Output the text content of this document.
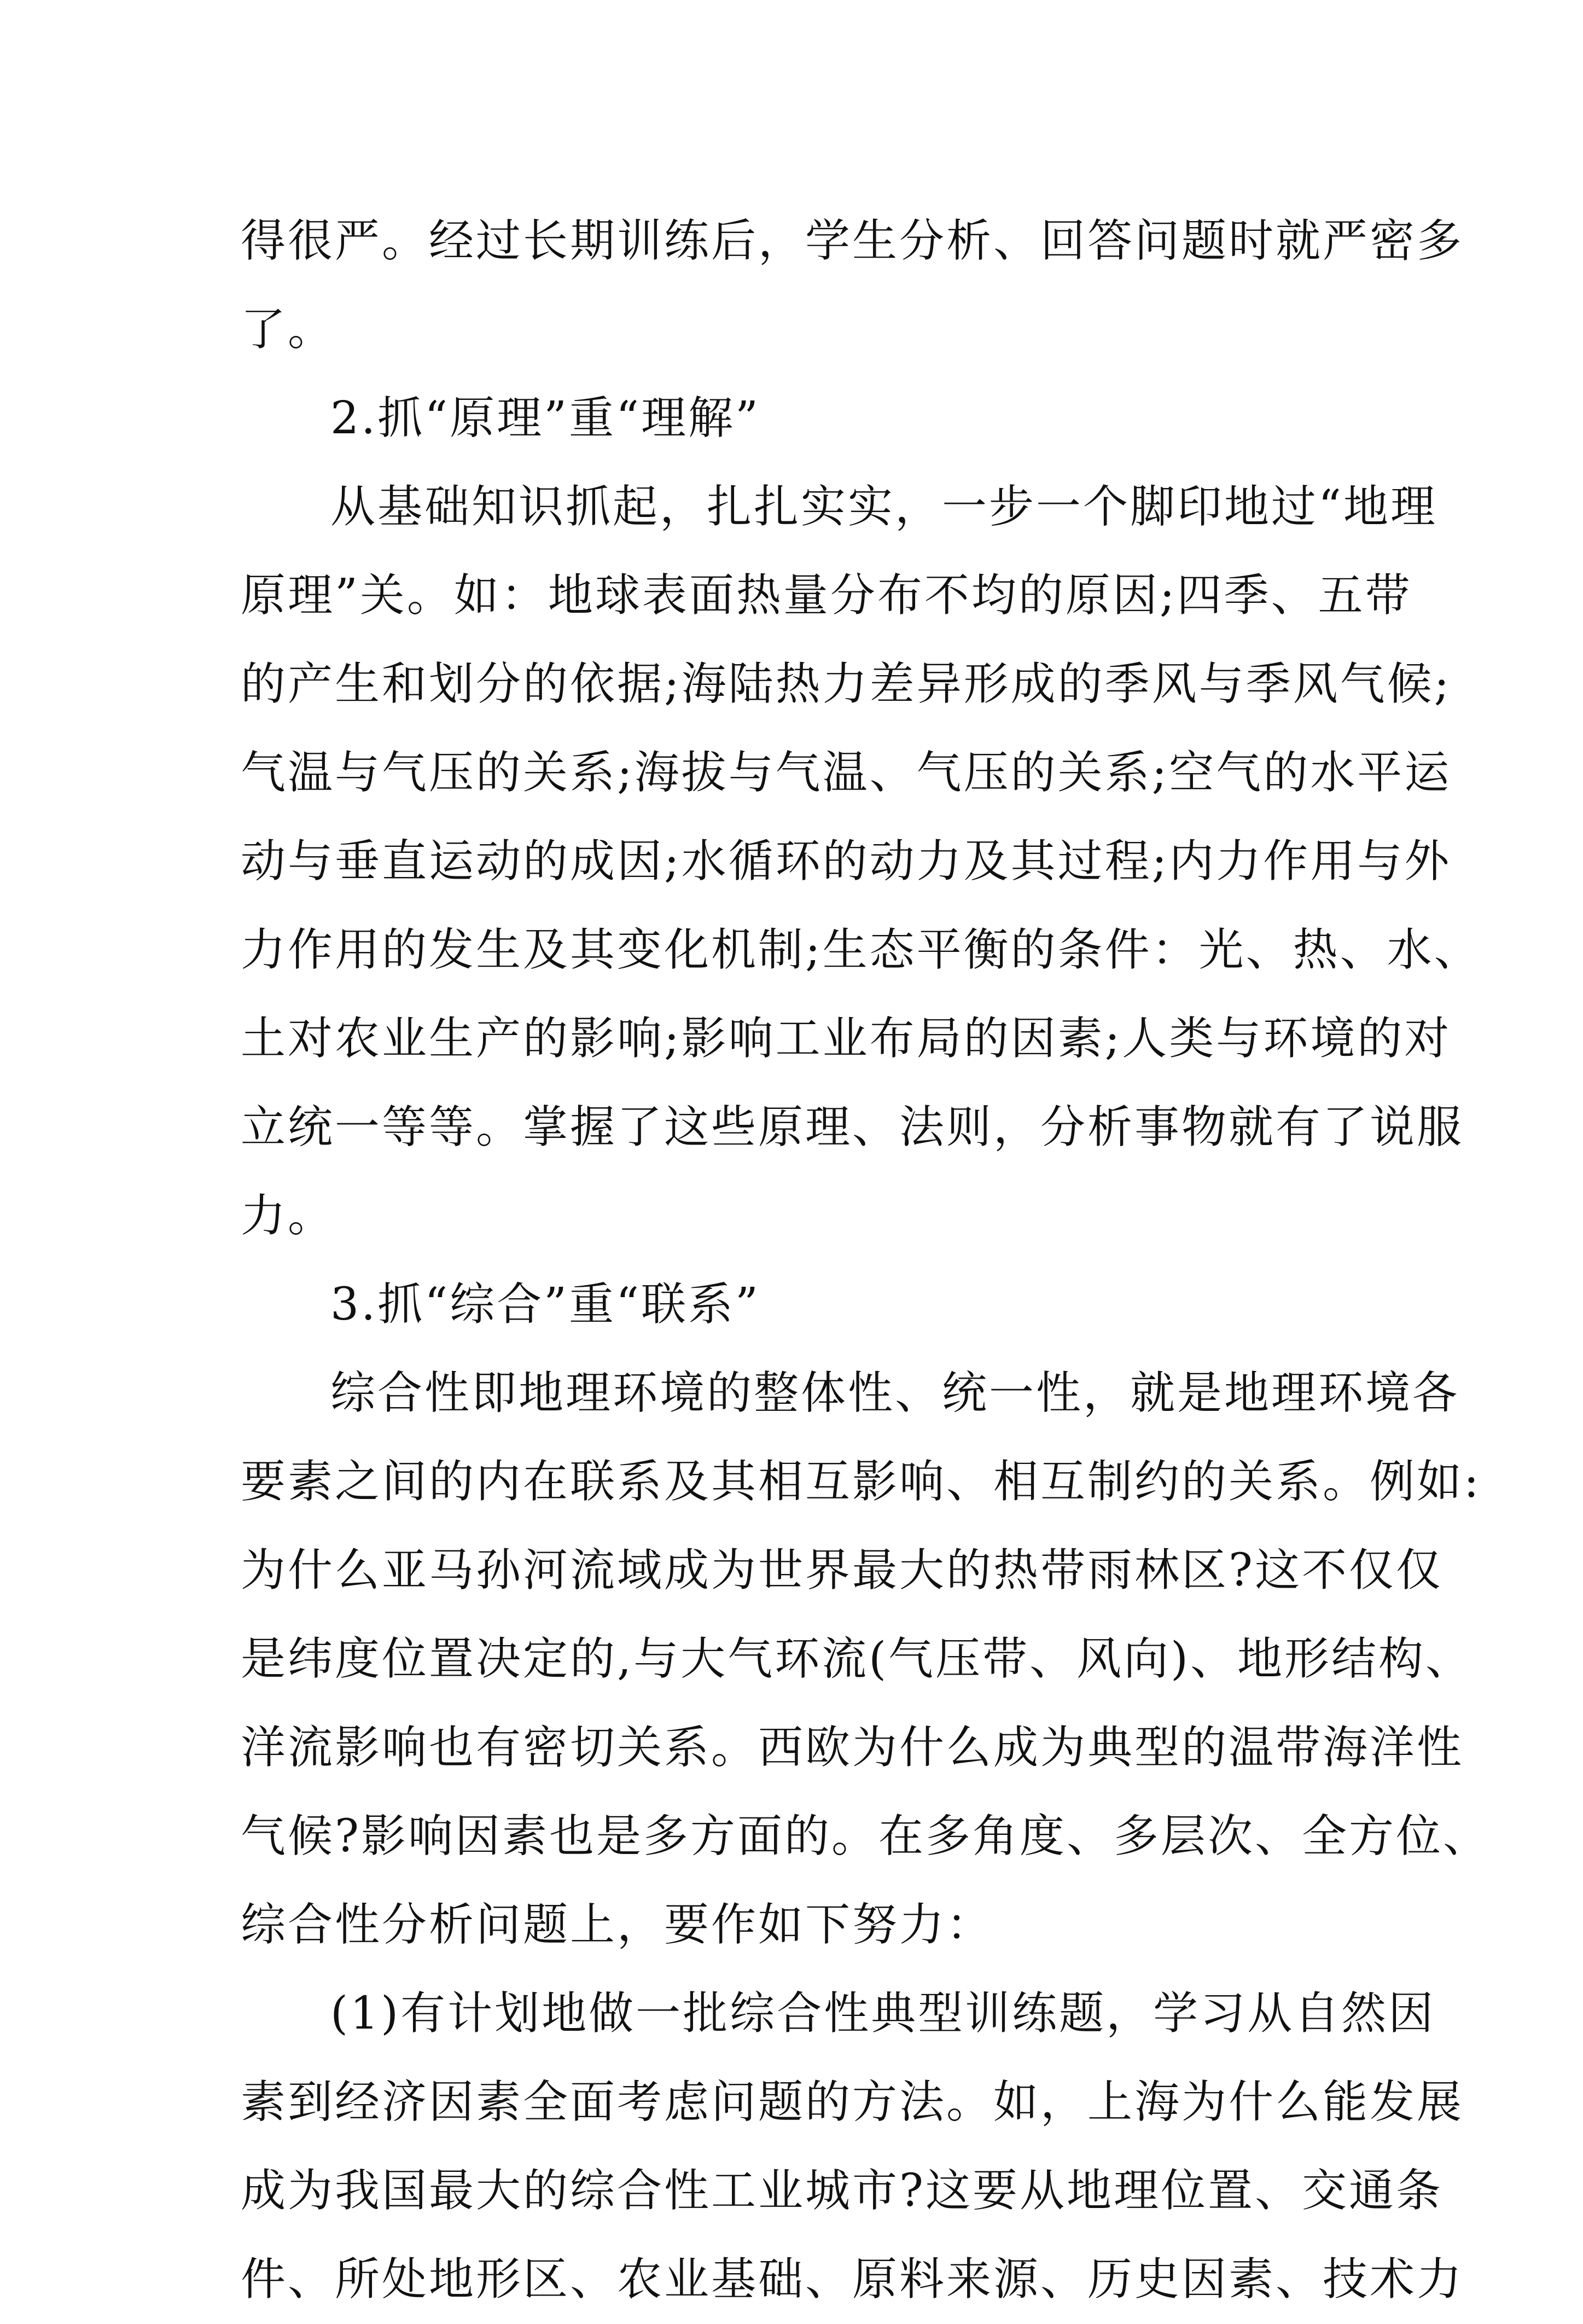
得很严。经过长期训练后，学生分析、回答问题时就严密多
了。
2.抓“原理”重“理解”
从基础知识抓起，扎扎实实，一步一个脚印地过“地理
原理”关。如：地球表面热量分布不均的原因;四季、五带
的产生和划分的依据;海陆热力差异形成的季风与季风气候;
气温与气压的关系;海拔与气温、气压的关系;空气的水平运
动与垂直运动的成因;水循环的动力及其过程;内力作用与外
力作用的发生及其变化机制;生态平衡的条件：光、热、水、
土对农业生产的影响;影响工业布局的因素;人类与环境的对
立统一等等。掌握了这些原理、法则，分析事物就有了说服
力。
3.抓“综合”重“联系”
综合性即地理环境的整体性、统一性，就是地理环境各
要素之间的内在联系及其相互影响、相互制约的关系。例如:
为什么亚马孙河流域成为世界最大的热带雨林区?这不仅仅
是纬度位置决定的,与大气环流(气压带、风向)、地形结构、
洋流影响也有密切关系。西欧为什么成为典型的温带海洋性
气候?影响因素也是多方面的。在多角度、多层次、全方位、
综合性分析问题上，要作如下努力：
(1)有计划地做一批综合性典型训练题，学习从自然因
素到经济因素全面考虑问题的方法。如，上海为什么能发展
成为我国最大的综合性工业城市?这要从地理位置、交通条
件、所处地形区、农业基础、原料来源、历史因素、技术力
